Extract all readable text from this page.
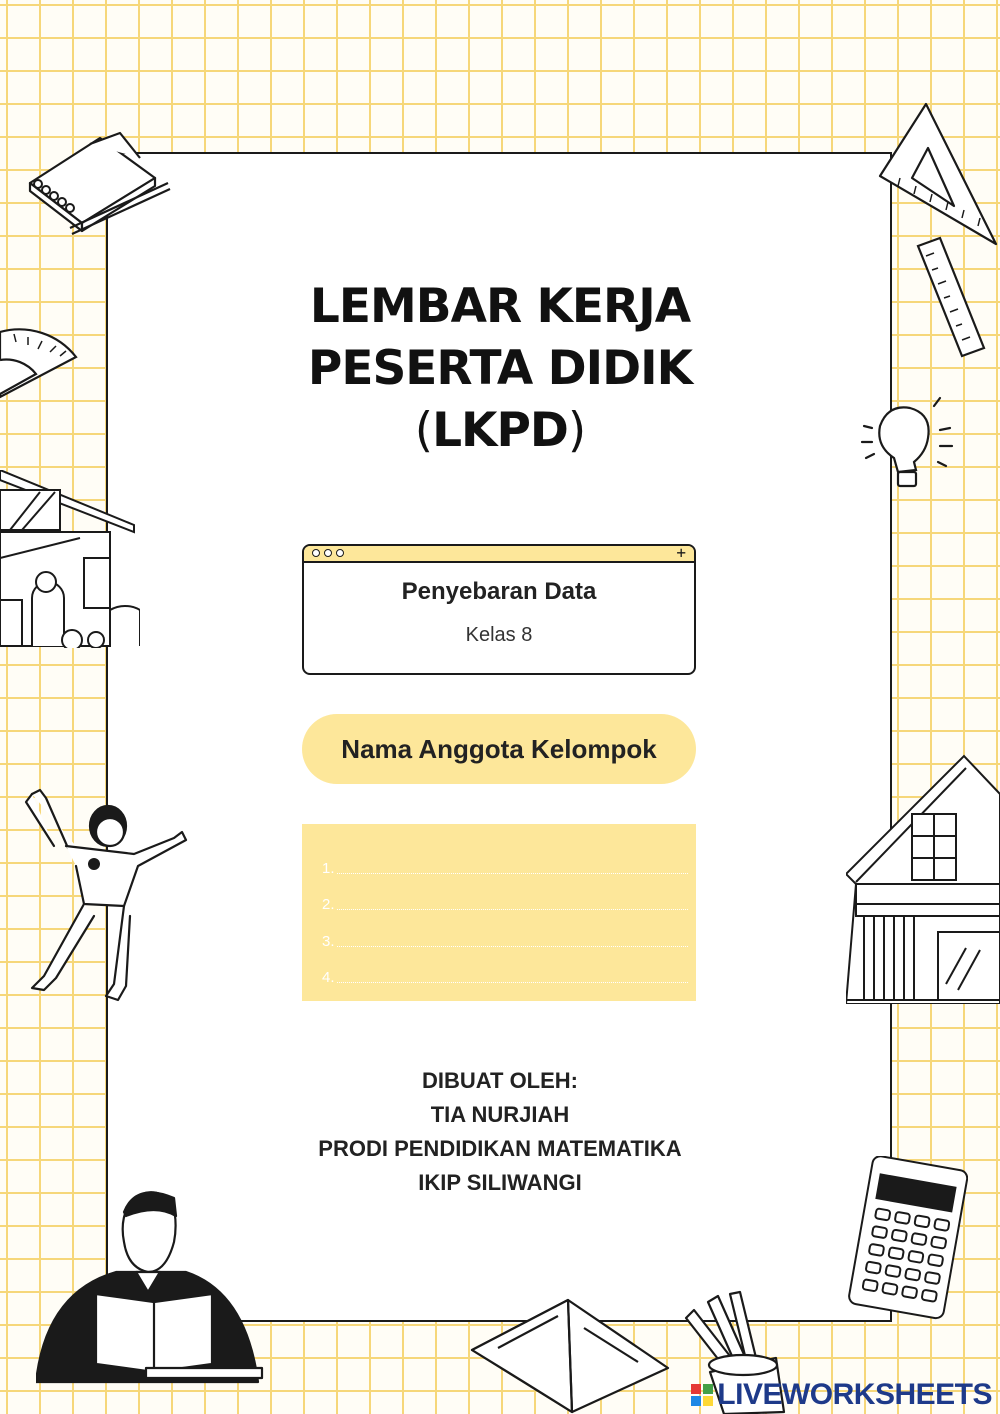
LEMBAR KERJA
PESERTA DIDIK
(LKPD)
+
Penyebaran Data
Kelas 8
Nama Anggota Kelompok
1.
2.
3.
4.
DIBUAT OLEH:
TIA NURJIAH
PRODI PENDIDIKAN MATEMATIKA
IKIP SILIWANGI
LIVEWORKSHEETS
